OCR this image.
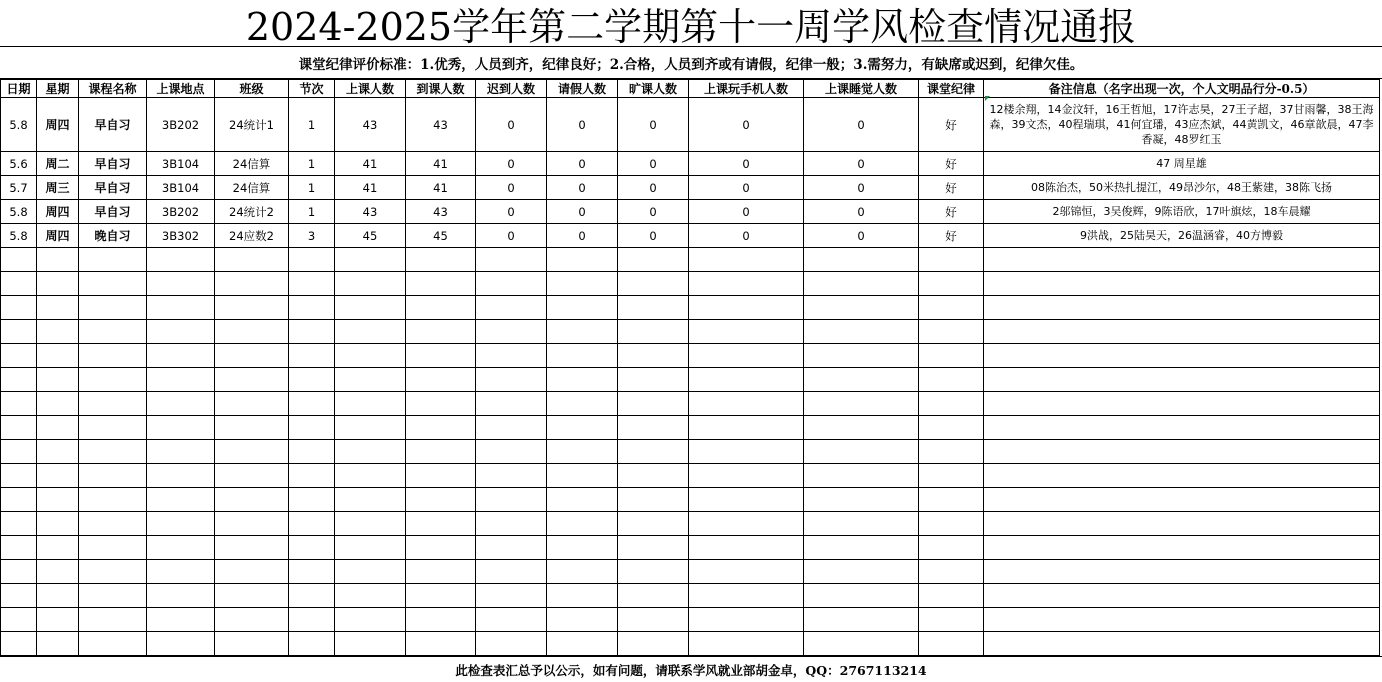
2024-2025学年第二学期第十一周学风检查情况通报
课堂纪律评价标准：1.优秀，人员到齐，纪律良好；2.合格，人员到齐或有请假，纪律一般；3.需努力，有缺席或迟到，纪律欠佳。
日期	星期	课程名称	上课地点	班级	节次	上课人数	到课人数	迟到人数	请假人数	旷课人数	上课玩手机人数	上课睡觉人数	课堂纪律	备注信息（名字出现一次，个人文明品行分-0.5）
5.8	周四	早自习	3B202	24统计1	1	43	43	0	0	0	0	0	好	12楼余翔，14金汶轩，16王哲旭，17许志昊，27王子超，37甘雨馨，38王海森，39文杰，40程瑞琪，41何宜璠，43应杰斌，44黄凯文，46章歆晨，47李香凝，48罗红玉
5.6	周二	早自习	3B104	24信算	1	41	41	0	0	0	0	0	好	47 周星雄
5.7	周三	早自习	3B104	24信算	1	41	41	0	0	0	0	0	好	08陈治杰，50米热扎提江，49昂沙尔，48王紫建，38陈飞扬
5.8	周四	早自习	3B202	24统计2	1	43	43	0	0	0	0	0	好	2邬锦恒，3吴俊辉，9陈语欣，17叶旗炫，18车晨耀
5.8	周四	晚自习	3B302	24应数2	3	45	45	0	0	0	0	0	好	9洪战，25陆昊天，26温涵睿，40方博毅

此检查表汇总予以公示，如有问题，请联系学风就业部胡金卓，QQ：2767113214
